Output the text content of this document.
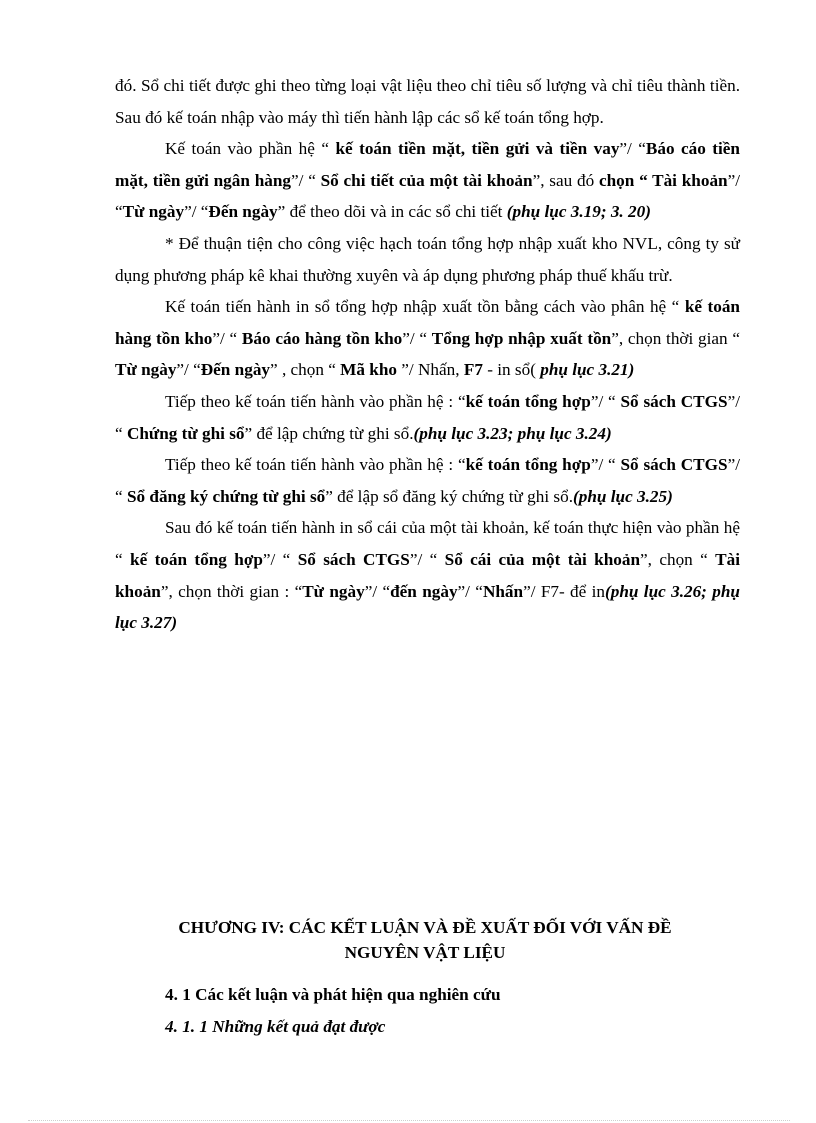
đó. Sổ chi tiết được ghi theo từng loại vật liệu theo chỉ tiêu số lượng và chỉ tiêu thành tiền. Sau đó kế toán nhập vào máy thì tiến hành lập các sổ kế toán tổng hợp.

Kế toán vào phần hệ “ kế toán tiền mặt, tiền gửi và tiền vay”/ “Báo cáo tiền mặt, tiền gửi ngân hàng”/ “ Sổ chi tiết của một tài khoản”, sau đó chọn “ Tài khoản”/ “Từ ngày”/ “Đến ngày” để theo dõi và in các sổ chi tiết (phụ lục 3.19; 3. 20)

* Để thuận tiện cho công việc hạch toán tổng hợp nhập xuất kho NVL, công ty sử dụng phương pháp kê khai thường xuyên và áp dụng phương pháp thuế khấu trừ.

Kế toán tiến hành in sổ tổng hợp nhập xuất tồn bằng cách vào phân hệ “ kế toán hàng tồn kho”/ “ Báo cáo hàng tồn kho”/ “ Tổng hợp nhập xuất tồn”, chọn thời gian “ Từ ngày”/ “Đến ngày” , chọn “ Mã kho ”/ Nhấn, F7 - in sổ( phụ lục 3.21)

Tiếp theo kế toán tiến hành vào phần hệ : “kế toán tổng hợp”/ “ Sổ sách CTGS”/ “ Chứng từ ghi sổ” để lập chứng từ ghi sổ.(phụ lục 3.23; phụ lục 3.24)

Tiếp theo kế toán tiến hành vào phần hệ : “kế toán tổng hợp”/ “ Sổ sách CTGS”/ “ Sổ đăng ký chứng từ ghi sổ” để lập sổ đăng ký chứng từ ghi sổ.(phụ lục 3.25)

Sau đó kế toán tiến hành in sổ cái của một tài khoản, kế toán thực hiện vào phần hệ “ kế toán tổng hợp”/ “ Sổ sách CTGS”/ “ Sổ cái của một tài khoản”, chọn “ Tài khoản”, chọn thời gian : “Từ ngày”/ “đến ngày”/ “Nhấn”/ F7- để in(phụ lục 3.26; phụ lục 3.27)

CHƯƠNG IV: CÁC KẾT LUẬN VÀ ĐỀ XUẤT ĐỐI VỚI VẤN ĐỀ
NGUYÊN VẬT LIỆU

4. 1 Các kết luận và phát hiện qua nghiên cứu

4. 1. 1 Những kết quả đạt được
